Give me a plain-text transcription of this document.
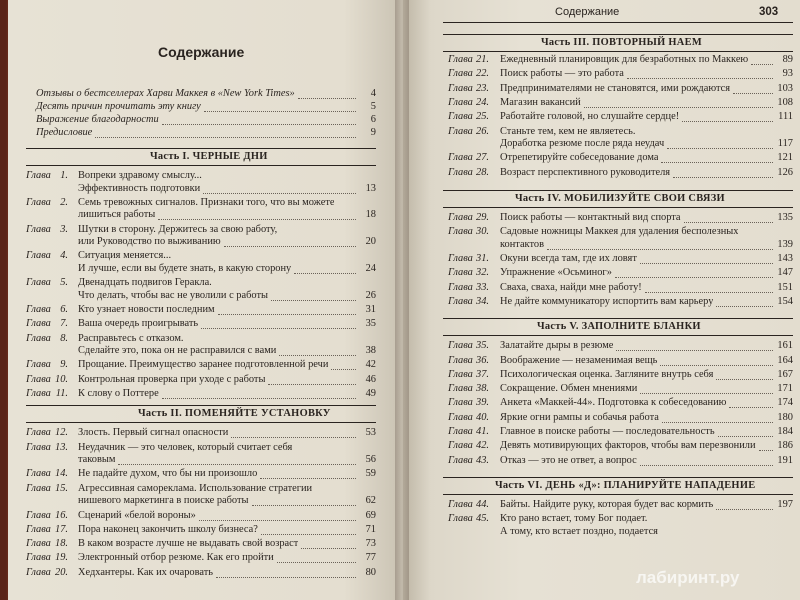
Содержание
Отзывы о бестселлерах Харви Маккея в «New York Times»	4
Десять причин прочитать эту книгу	5
Выражение благодарности	6
Предисловие	9
Часть I. ЧЕРНЫЕ ДНИ
Глава 1. Вопреки здравому смыслу...
Эффективность подготовки	13
Глава 2. Семь тревожных сигналов. Признаки того, что вы можете
лишиться работы	18
Глава 3. Шутки в сторону. Держитесь за свою работу,
или Руководство по выживанию	20
Глава 4. Ситуация меняется...
И лучше, если вы будете знать, в какую сторону	24
Глава 5. Двенадцать подвигов Геракла.
Что делать, чтобы вас не уволили с работы	26
Глава 6. Кто узнает новости последним	31
Глава 7. Ваша очередь проигрывать	35
Глава 8. Расправьтесь с отказом.
Сделайте это, пока он не расправился с вами	38
Глава 9. Прощание. Преимущество заранее подготовленной речи	42
Глава 10. Контрольная проверка при уходе с работы	46
Глава 11. К слову о Поттере	49
Часть II. ПОМЕНЯЙТЕ УСТАНОВКУ
Глава 12. Злость. Первый сигнал опасности	53
Глава 13. Неудачник — это человек, который считает себя
таковым	56
Глава 14. Не падайте духом, что бы ни произошло	59
Глава 15. Агрессивная самореклама. Использование стратегии
нишевого маркетинга в поиске работы	62
Глава 16. Сценарий «белой вороны»	69
Глава 17. Пора наконец закончить школу бизнеса?	71
Глава 18. В каком возрасте лучше не выдавать свой возраст	73
Глава 19. Электронный отбор резюме. Как его пройти	77
Глава 20. Хедхантеры. Как их очаровать	80
Содержание	303
Часть III. ПОВТОРНЫЙ НАЕМ
Глава 21. Ежедневный планировщик для безработных по Маккею	89
Глава 22. Поиск работы — это работа	93
Глава 23. Предпринимателями не становятся, ими рождаются	103
Глава 24. Магазин вакансий	108
Глава 25. Работайте головой, но слушайте сердце!	111
Глава 26. Станьте тем, кем не являетесь.
Доработка резюме после ряда неудач	117
Глава 27. Отрепетируйте собеседование дома	121
Глава 28. Возраст перспективного руководителя	126
Часть IV. МОБИЛИЗУЙТЕ СВОИ СВЯЗИ
Глава 29. Поиск работы — контактный вид спорта	135
Глава 30. Садовые ножницы Маккея для удаления бесполезных
контактов	139
Глава 31. Окуни всегда там, где их ловят	143
Глава 32. Упражнение «Осьминог»	147
Глава 33. Сваха, сваха, найди мне работу!	151
Глава 34. Не дайте коммуникатору испортить вам карьеру	154
Часть V. ЗАПОЛНИТЕ БЛАНКИ
Глава 35. Залатайте дыры в резюме	161
Глава 36. Воображение — незаменимая вещь	164
Глава 37. Психологическая оценка. Загляните внутрь себя	167
Глава 38. Сокращение. Обмен мнениями	171
Глава 39. Анкета «Маккей-44». Подготовка к собеседованию	174
Глава 40. Яркие огни рампы и собачья работа	180
Глава 41. Главное в поиске работы — последовательность	184
Глава 42. Девять мотивирующих факторов, чтобы вам перезвонили	186
Глава 43. Отказ — это не ответ, а вопрос	191
Часть VI. ДЕНЬ «Д»: ПЛАНИРУЙТЕ НАПАДЕНИЕ
Глава 44. Байты. Найдите руку, которая будет вас кормить	197
Глава 45. Кто рано встает, тому Бог подает.
А тому, кто встает поздно, подается
лабиринт.ру
